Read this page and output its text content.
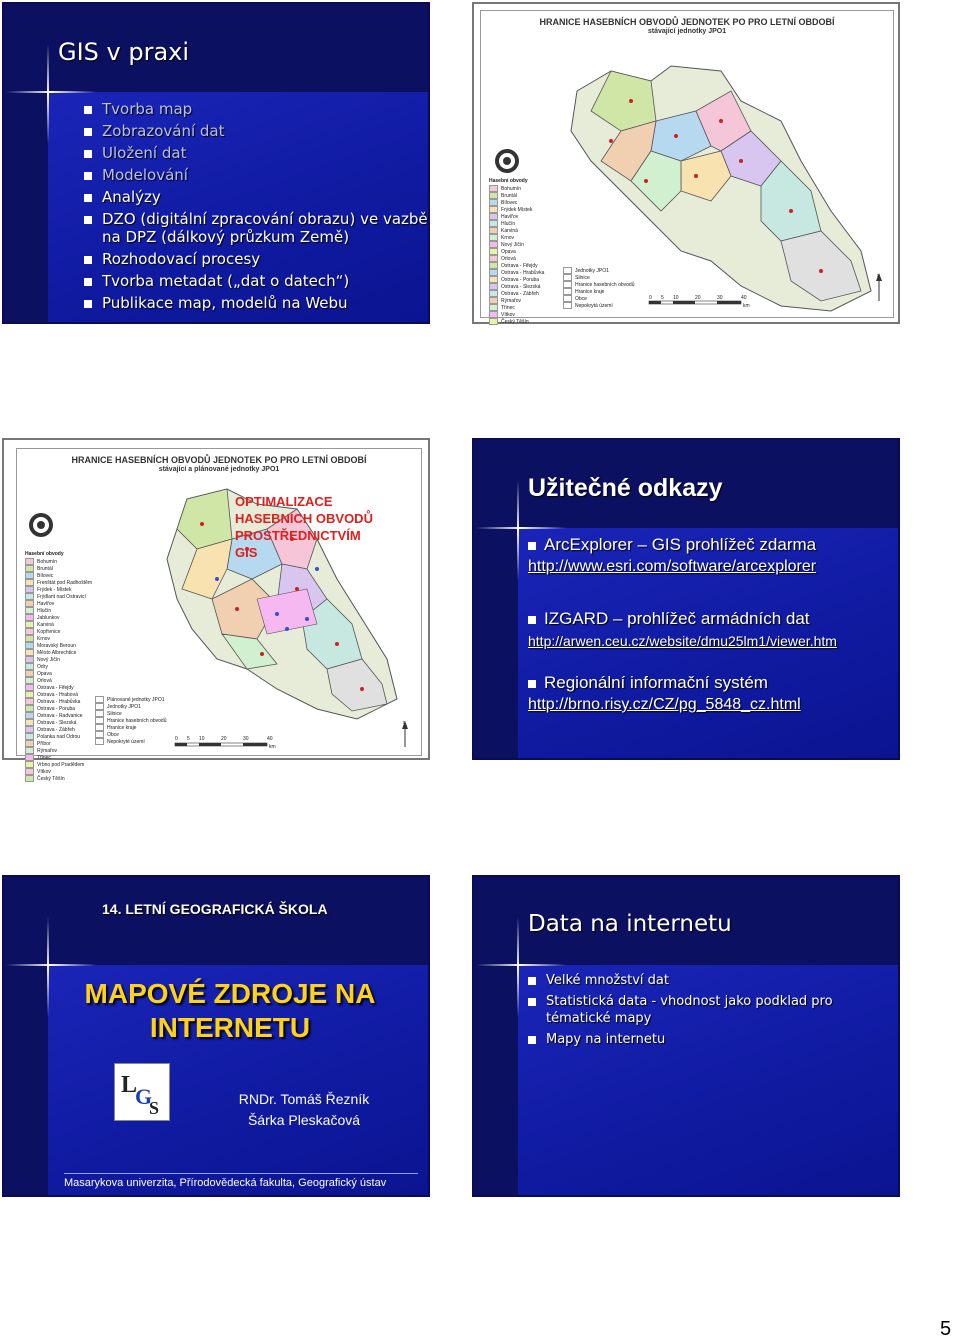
GIS v praxi
Tvorba map
Zobrazování dat
Uložení dat
Modelování
Analýzy
DZO (digitální zpracování obrazu) ve vazbě na DPZ (dálkový průzkum Země)
Rozhodovací procesy
Tvorba metadat („dat o datech“)
Publikace map, modelů na Webu
HRANICE HASEBNÍCH OBVODŮ JEDNOTEK PO PRO LETNÍ OBDOBÍ
stávající jednotky JPO1
Hasební obvody
Bohumín
Bruntál
Bílovec
Frýdek Místek
Havířov
Hlučín
Karviná
Krnov
Nový Jičín
Opava
Orlová
Ostrava - Fifejdy
Ostrava - Hrabůvka
Ostrava - Poruba
Ostrava - Slezská
Ostrava - Zábřeh
Rýmařov
Třinec
Vítkov
Český Těšín
Jednotky JPO1
Silnice
Hranice hasebních obvodů
Hranice kraje
Obce
Nepokrytá území
0 5 10	20	30	40
km
s
HRANICE HASEBNÍCH OBVODŮ JEDNOTEK PO PRO LETNÍ OBDOBÍ
stávající a plánované jednotky JPO1
OPTIMALIZACE
HASEBNÍCH OBVODŮ
PROSTŘEDNICTVÍM
GIS
Hasební obvody
Bohumín
Bruntál
Bílovec
Frenštát pod Radhoštěm
Frýdek - Místek
Frýdlant nad Ostravicí
Havířov
Hlučín
Jablunkov
Karviná
Kopřivnice
Krnov
Moravský Beroun
Město Albrechtice
Nový Jičín
Odry
Opava
Orlová
Ostrava - Fifejdy
Ostrava - Hrabová
Ostrava - Hrabůvka
Ostrava - Poruba
Ostrava - Radvanice
Ostrava - Slezská
Ostrava - Zábřeh
Polanka nad Odrou
Příbor
Rýmařov
Třinec
Vrbno pod Pradědem
Vítkov
Český Těšín
Plánované jednotky JPO1
Jednotky JPO1
Silnice
Hranice hasebních obvodů
Hranice kraje
Obce
Nepokryté území	0 5 10	20	30	40
km
s
Užitečné odkazy
ArcExplorer – GIS prohlížeč zdarma
http://www.esri.com/software/arcexplorer
IZGARD – prohlížeč armádních dat
http://arwen.ceu.cz/website/dmu25lm1/viewer.htm
Regionální informační systém
http://brno.risy.cz/CZ/pg_5848_cz.html
14. LETNÍ GEOGRAFICKÁ ŠKOLA
MAPOVÉ ZDROJE NA
INTERNETU
L
G
S	RNDr. Tomáš Řezník
Šárka Pleskačová
Masarykova univerzita, Přírodovědecká fakulta, Geografický ústav
Data na internetu
Velké množství dat
Statistická data - vhodnost jako podklad pro tématické mapy
Mapy na internetu
5
